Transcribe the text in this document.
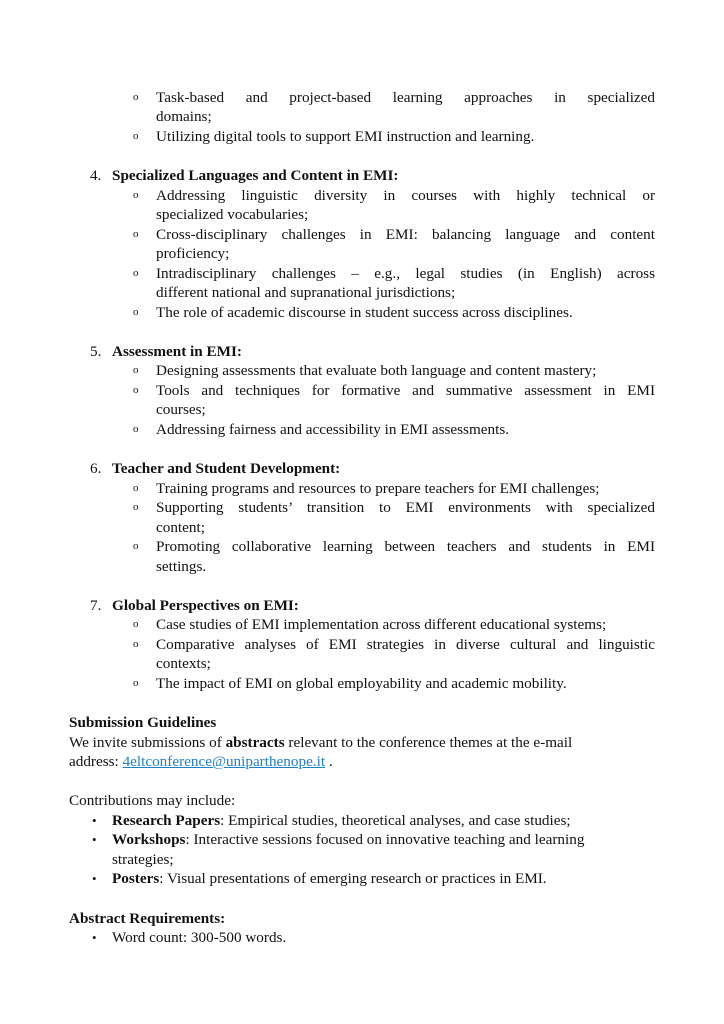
o	Task-based and project-based learning approaches in specialized
domains;
o	Utilizing digital tools to support EMI instruction and learning.
4. Specialized Languages and Content in EMI:
o	Addressing linguistic diversity in courses with highly technical or
specialized vocabularies;
o	Cross-disciplinary challenges in EMI: balancing language and content
proficiency;
o	Intradisciplinary challenges – e.g., legal studies (in English) across
different national and supranational jurisdictions;
o	The role of academic discourse in student success across disciplines.
5. Assessment in EMI:
o	Designing assessments that evaluate both language and content mastery;
o	Tools and techniques for formative and summative assessment in EMI
courses;
o	Addressing fairness and accessibility in EMI assessments.
6. Teacher and Student Development:
o	Training programs and resources to prepare teachers for EMI challenges;
o	Supporting students’ transition to EMI environments with specialized
content;
o	Promoting collaborative learning between teachers and students in EMI
settings.
7. Global Perspectives on EMI:
o	Case studies of EMI implementation across different educational systems;
o	Comparative analyses of EMI strategies in diverse cultural and linguistic
contexts;
o	The impact of EMI on global employability and academic mobility.
Submission Guidelines
We invite submissions of abstracts relevant to the conference themes at the e-mail
address: 4eltconference@uniparthenope.it .
Contributions may include:
• Research Papers: Empirical studies, theoretical analyses, and case studies;
• Workshops: Interactive sessions focused on innovative teaching and learning
strategies;
• Posters: Visual presentations of emerging research or practices in EMI.
Abstract Requirements:
• Word count: 300-500 words.
